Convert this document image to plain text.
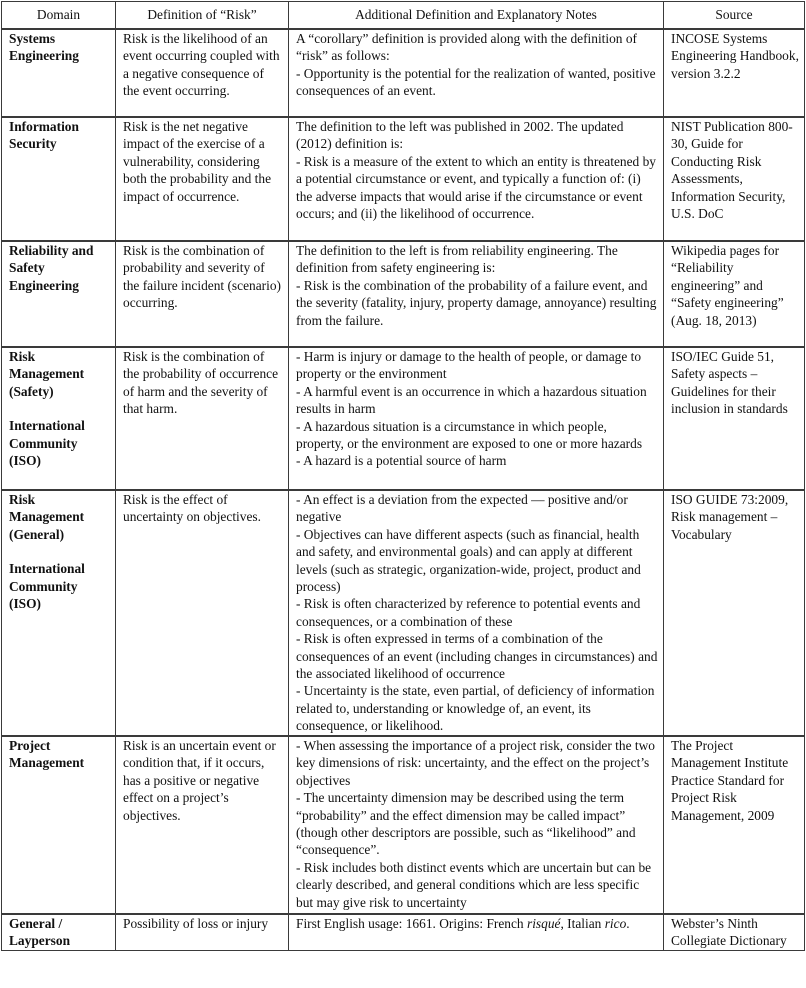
Domain	Definition of “Risk”	Additional Definition and Explanatory Notes	Source

Systems Engineering	Risk is the likelihood of an event occurring coupled with a negative consequence of the event occurring.	A “corollary” definition is provided along with the definition of “risk” as follows:
- Opportunity is the potential for the realization of wanted, positive consequences of an event.	INCOSE Systems Engineering Handbook, version 3.2.2

Information Security	Risk is the net negative impact of the exercise of a vulnerability, considering both the probability and the impact of occurrence.	The definition to the left was published in 2002. The updated (2012) definition is:
- Risk is a measure of the extent to which an entity is threatened by a potential circumstance or event, and typically a function of: (i) the adverse impacts that would arise if the circumstance or event occurs; and (ii) the likelihood of occurrence.	NIST Publication 800-30, Guide for Conducting Risk Assessments, Information Security, U.S. DoC

Reliability and Safety Engineering	Risk is the combination of probability and severity of the failure incident (scenario) occurring.	The definition to the left is from reliability engineering. The definition from safety engineering is:
- Risk is the combination of the probability of a failure event, and the severity (fatality, injury, property damage, annoyance) resulting from the failure.	Wikipedia pages for “Reliability engineering” and “Safety engineering” (Aug. 18, 2013)

Risk Management (Safety)
International Community (ISO)	Risk is the combination of the probability of occurrence of harm and the severity of that harm.	- Harm is injury or damage to the health of people, or damage to property or the environment
- A harmful event is an occurrence in which a hazardous situation results in harm
- A hazardous situation is a circumstance in which people, property, or the environment are exposed to one or more hazards
- A hazard is a potential source of harm	ISO/IEC Guide 51, Safety aspects – Guidelines for their inclusion in standards

Risk Management (General)
International Community (ISO)	Risk is the effect of uncertainty on objectives.	- An effect is a deviation from the expected — positive and/or negative
- Objectives can have different aspects (such as financial, health and safety, and environmental goals) and can apply at different levels (such as strategic, organization-wide, project, product and process)
- Risk is often characterized by reference to potential events and consequences, or a combination of these
- Risk is often expressed in terms of a combination of the consequences of an event (including changes in circumstances) and the associated likelihood of occurrence
- Uncertainty is the state, even partial, of deficiency of information related to, understanding or knowledge of, an event, its consequence, or likelihood.	ISO GUIDE 73:2009, Risk management – Vocabulary

Project Management	Risk is an uncertain event or condition that, if it occurs, has a positive or negative effect on a project’s objectives.	- When assessing the importance of a project risk, consider the two key dimensions of risk: uncertainty, and the effect on the project’s objectives
- The uncertainty dimension may be described using the term “probability” and the effect dimension may be called impact” (though other descriptors are possible, such as “likelihood” and “consequence”.
- Risk includes both distinct events which are uncertain but can be clearly described, and general conditions which are less specific but may give risk to uncertainty	The Project Management Institute Practice Standard for Project Risk Management, 2009

General / Layperson	Possibility of loss or injury	First English usage: 1661. Origins: French risqué, Italian rico.	Webster’s Ninth Collegiate Dictionary
